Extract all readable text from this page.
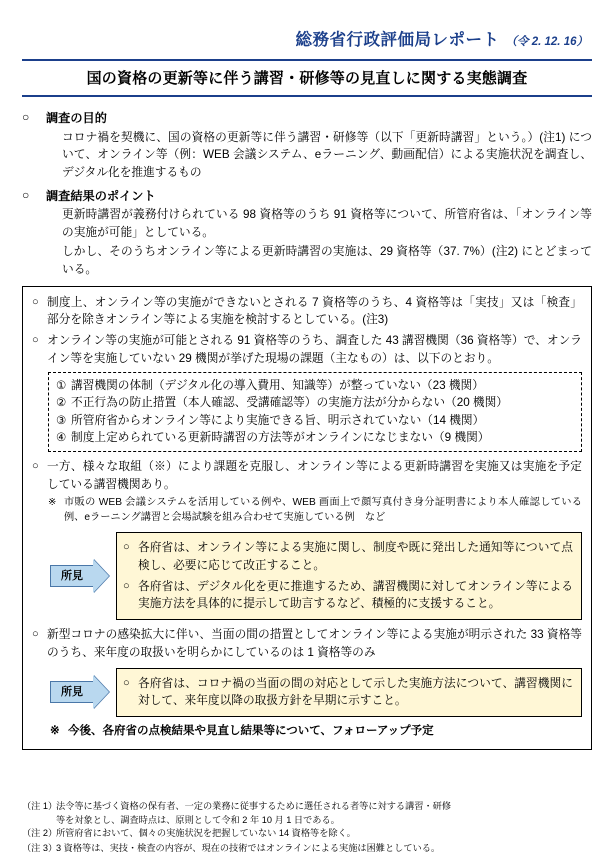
総務省行政評価局レポート （令 2. 12. 16）
国の資格の更新等に伴う講習・研修等の見直しに関する実態調査
○	調査の目的
コロナ禍を契機に、国の資格の更新等に伴う講習・研修等（以下「更新時講習」という。）(注1) について、オンライン等（例：WEB 会議システム、eラーニング、動画配信）による実施状況を調査し、デジタル化を推進するもの
○	調査結果のポイント
更新時講習が義務付けられている 98 資格等のうち 91 資格等について、所管府省は、「オンライン等の実施が可能」としている。
しかし、そのうちオンライン等による更新時講習の実施は、29 資格等（37. 7%）(注2) にとどまっている。
○ 制度上、オンライン等の実施ができないとされる 7 資格等のうち、4 資格等は「実技」又は「検査」部分を除きオンライン等による実施を検討するとしている。(注3)
○ オンライン等の実施が可能とされる 91 資格等のうち、調査した 43 講習機関（36 資格等）で、オンライン等を実施していない 29 機関が挙げた現場の課題（主なもの）は、以下のとおり。
① 講習機関の体制（デジタル化の導入費用、知識等）が整っていない（23 機関）
② 不正行為の防止措置（本人確認、受講確認等）の実施方法が分からない（20 機関）
③ 所管府省からオンライン等により実施できる旨、明示されていない（14 機関）
④ 制度上定められている更新時講習の方法等がオンラインになじまない（9 機関）
○ 一方、様々な取組（※）により課題を克服し、オンライン等による更新時講習を実施又は実施を予定している講習機関あり。
※ 市販の WEB 会議システムを活用している例や、WEB 画面上で顔写真付き身分証明書により本人確認している例、eラーニング講習と会場試験を組み合わせて実施している例　など
所見
○ 各府省は、オンライン等による実施に関し、制度や既に発出した通知等について点検し、必要に応じて改正すること。
○ 各府省は、デジタル化を更に推進するため、講習機関に対してオンライン等による実施方法を具体的に提示して助言するなど、積極的に支援すること。
○ 新型コロナの感染拡大に伴い、当面の間の措置としてオンライン等による実施が明示された 33 資格等のうち、来年度の取扱いを明らかにしているのは 1 資格等のみ
所見
○ 各府省は、コロナ禍の当面の間の対応として示した実施方法について、講習機関に対して、来年度以降の取扱方針を早期に示すこと。
※ 今後、各府省の点検結果や見直し結果等について、フォローアップ予定
（注 1）
法令等に基づく資格の保有者、一定の業務に従事するために選任される者等に対する講習・研修
等を対象とし、調査時点は、原則として令和 2 年 10 月 1 日である。
（注 2）
所管府省において、個々の実施状況を把握していない 14 資格等を除く。
（注 3）
3 資格等は、実技・検査の内容が、現在の技術ではオンラインによる実施は困難としている。
